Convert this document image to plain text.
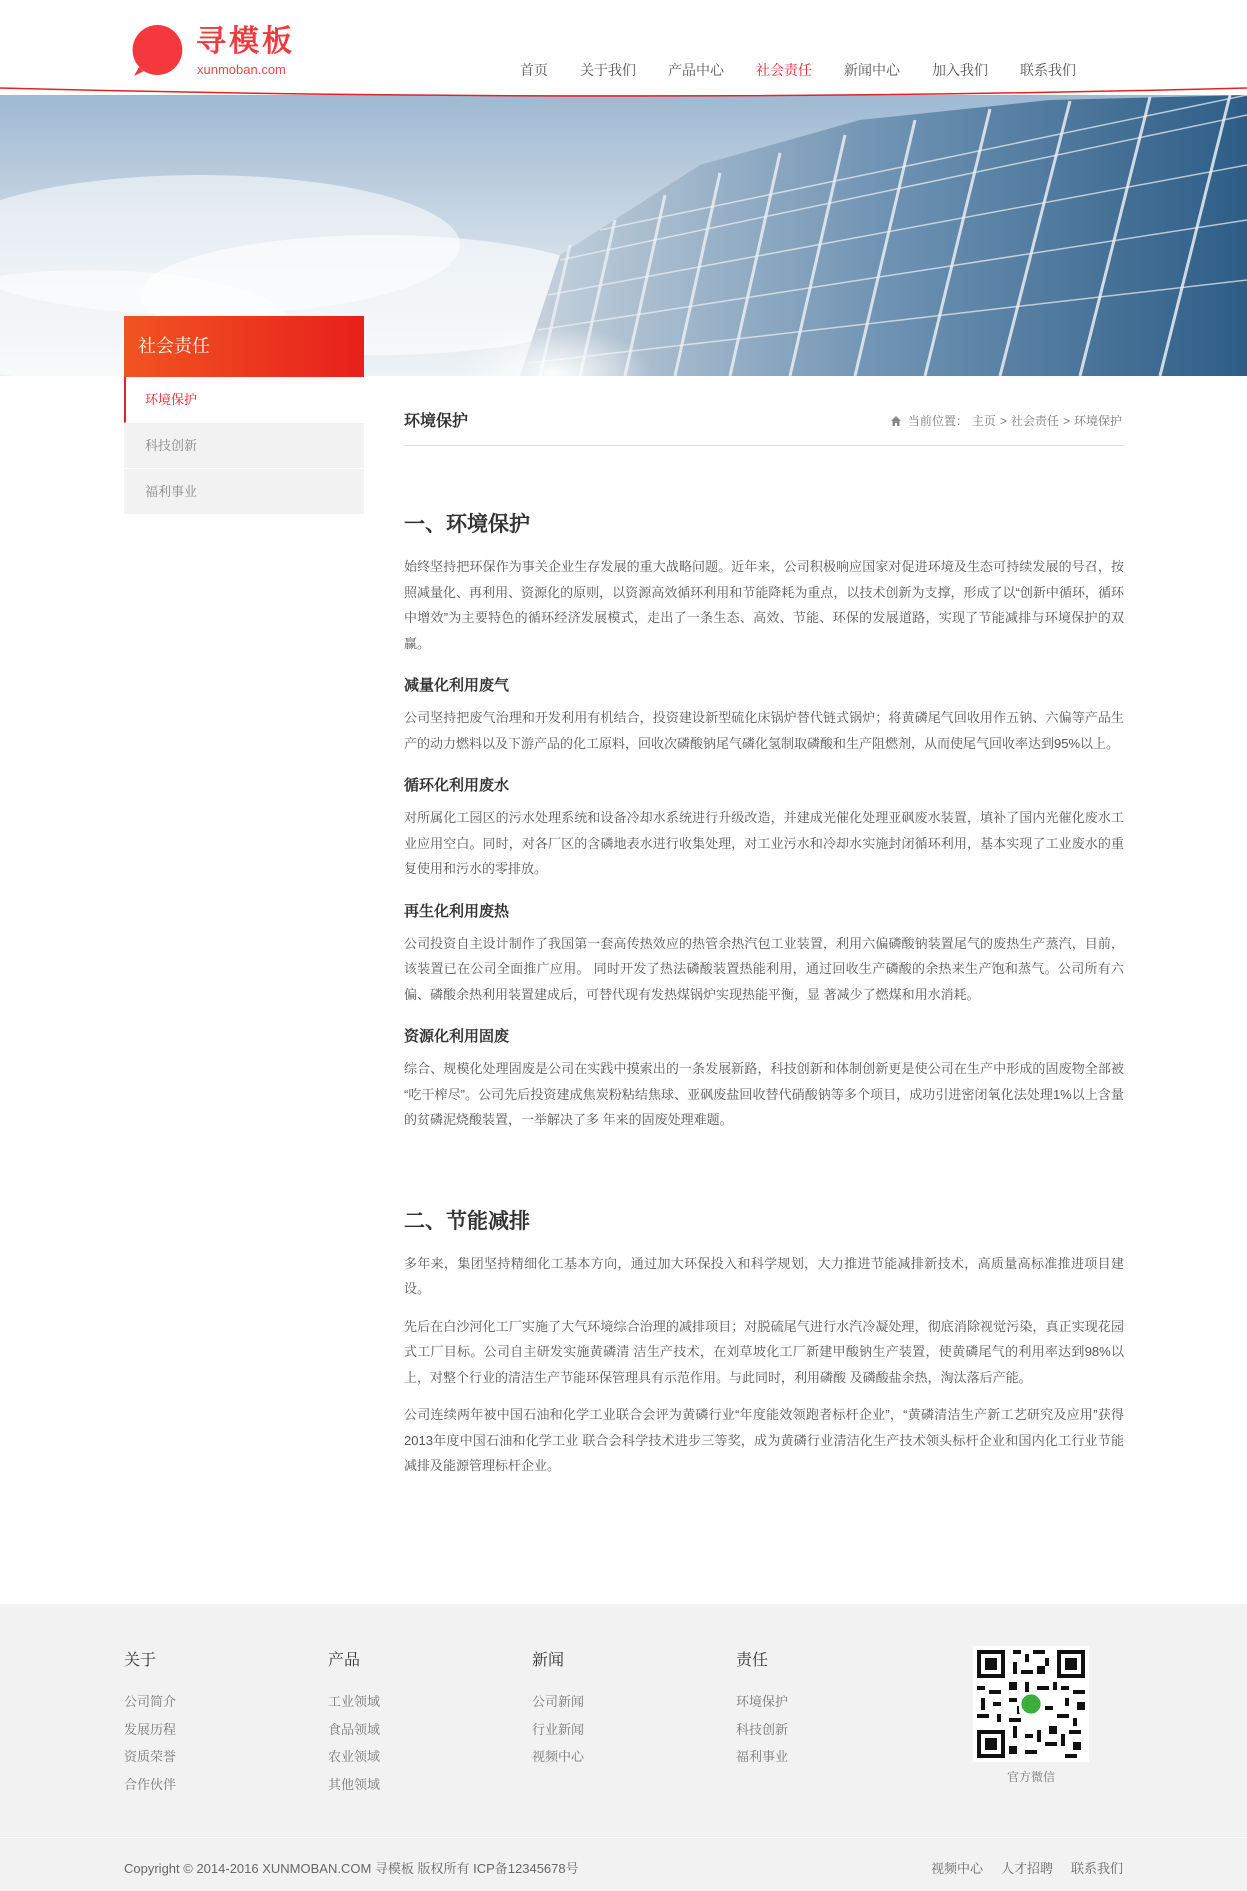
寻模板
xunmoban.com	首页 关于我们 产品中心 社会责任 新闻中心 加入我们 联系我们
社会责任
环境保护
科技创新
福利事业
环境保护	当前位置： 主页 > 社会责任 > 环境保护
一、环境保护

始终坚持把环保作为事关企业生存发展的重大战略问题。近年来，公司积极响应国家对促进环境及生态可持续发展的号召，按照减量化、再利用、资源化的原则，以资源高效循环利用和节能降耗为重点，以技术创新为支撑，形成了以“创新中循环，循环中增效”为主要特色的循环经济发展模式，走出了一条生态、高效、节能、环保的发展道路，实现了节能减排与环境保护的双赢。

减量化利用废气

公司坚持把废气治理和开发利用有机结合，投资建设新型硫化床锅炉替代链式锅炉；将黄磷尾气回收用作五钠、六偏等产品生产的动力燃料以及下游产品的化工原料，回收次磷酸钠尾气磷化氢制取磷酸和生产阻燃剂，从而使尾气回收率达到95%以上。

循环化利用废水

对所属化工园区的污水处理系统和设备冷却水系统进行升级改造，并建成光催化处理亚砜废水装置，填补了国内光催化废水工业应用空白。同时，对各厂区的含磷地表水进行收集处理，对工业污水和冷却水实施封闭循环利用，基本实现了工业废水的重复使用和污水的零排放。

再生化利用废热

公司投资自主设计制作了我国第一套高传热效应的热管余热汽包工业装置，利用六偏磷酸钠装置尾气的废热生产蒸汽，目前，该装置已在公司全面推广应用。 同时开发了热法磷酸装置热能利用，通过回收生产磷酸的余热来生产饱和蒸气。公司所有六偏、磷酸余热利用装置建成后，可替代现有发热煤锅炉实现热能平衡，显 著减少了燃煤和用水消耗。

资源化利用固废

综合、规模化处理固废是公司在实践中摸索出的一条发展新路，科技创新和体制创新更是使公司在生产中形成的固废物全部被 “吃干榨尽”。公司先后投资建成焦炭粉粘结焦球、亚砜废盐回收替代硝酸钠等多个项目，成功引进密闭氧化法处理1%以上含量的贫磷泥烧酸装置，一举解决了多 年来的固废处理难题。

二、节能减排

多年来，集团坚持精细化工基本方向，通过加大环保投入和科学规划，大力推进节能减排新技术，高质量高标准推进项目建设。

先后在白沙河化工厂实施了大气环境综合治理的减排项目；对脱硫尾气进行水汽冷凝处理，彻底消除视觉污染，真正实现花园式工厂目标。公司自主研发实施黄磷清 洁生产技术，在刘草坡化工厂新建甲酸钠生产装置，使黄磷尾气的利用率达到98%以上，对整个行业的清洁生产节能环保管理具有示范作用。与此同时，利用磷酸 及磷酸盐余热，淘汰落后产能。

公司连续两年被中国石油和化学工业联合会评为黄磷行业“年度能效领跑者标杆企业”，“黄磷清洁生产新工艺研究及应用”获得2013年度中国石油和化学工业 联合会科学技术进步三等奖，成为黄磷行业清洁化生产技术领头标杆企业和国内化工行业节能减排及能源管理标杆企业。

关于
公司简介
发展历程
资质荣誉
合作伙伴
产品
工业领域
食品领域
农业领域
其他领域
新闻
公司新闻
行业新闻
视频中心
责任
环境保护
科技创新
福利事业
官方微信
Copyright © 2014-2016 XUNMOBAN.COM 寻模板 版权所有 ICP备12345678号	视频中心 人才招聘 联系我们
